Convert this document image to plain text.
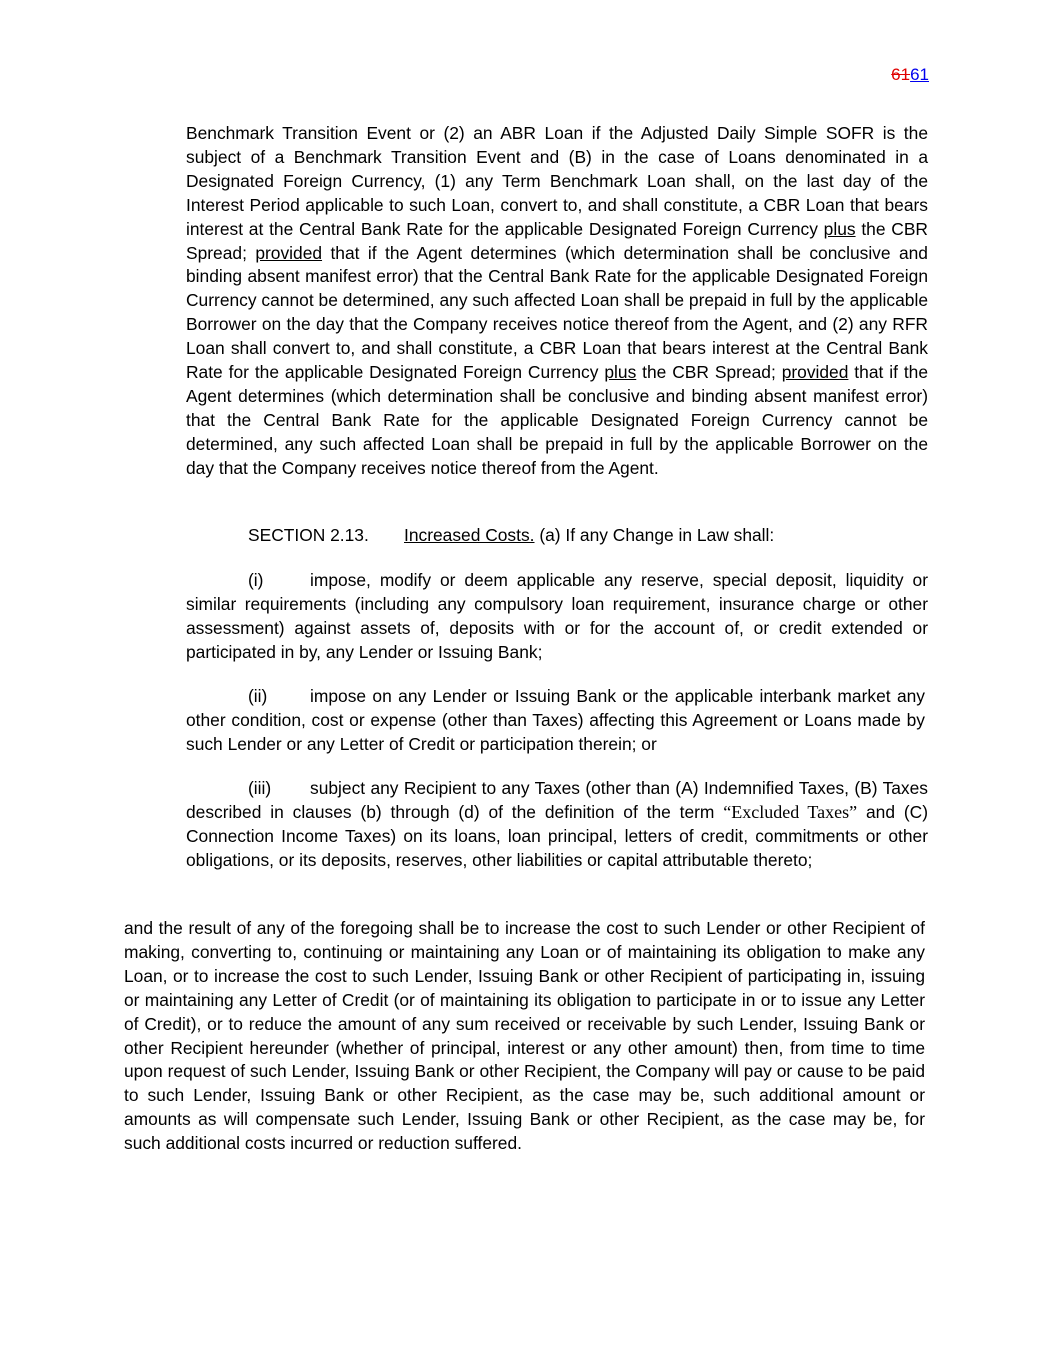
6161

Benchmark Transition Event or (2) an ABR Loan if the Adjusted Daily Simple SOFR is the subject of a Benchmark Transition Event and (B) in the case of Loans denominated in a Designated Foreign Currency, (1) any Term Benchmark Loan shall, on the last day of the Interest Period applicable to such Loan, convert to, and shall constitute, a CBR Loan that bears interest at the Central Bank Rate for the applicable Designated Foreign Currency plus the CBR Spread; provided that if the Agent determines (which determination shall be conclusive and binding absent manifest error) that the Central Bank Rate for the applicable Designated Foreign Currency cannot be determined, any such affected Loan shall be prepaid in full by the applicable Borrower on the day that the Company receives notice thereof from the Agent, and (2) any RFR Loan shall convert to, and shall constitute, a CBR Loan that bears interest at the Central Bank Rate for the applicable Designated Foreign Currency plus the CBR Spread; provided that if the Agent determines (which determination shall be conclusive and binding absent manifest error) that the Central Bank Rate for the applicable Designated Foreign Currency cannot be determined, any such affected Loan shall be prepaid in full by the applicable Borrower on the day that the Company receives notice thereof from the Agent.

SECTION 2.13. Increased Costs. (a) If any Change in Law shall:

(i)	impose, modify or deem applicable any reserve, special deposit, liquidity or similar requirements (including any compulsory loan requirement, insurance charge or other assessment) against assets of, deposits with or for the account of, or credit extended or participated in by, any Lender or Issuing Bank;

(ii) impose on any Lender or Issuing Bank or the applicable interbank market any other condition, cost or expense (other than Taxes) affecting this Agreement or Loans made by such Lender or any Letter of Credit or participation therein; or

(iii) subject any Recipient to any Taxes (other than (A) Indemnified Taxes, (B) Taxes described in clauses (b) through (d) of the definition of the term “Excluded Taxes” and (C) Connection Income Taxes) on its loans, loan principal, letters of credit, commitments or other obligations, or its deposits, reserves, other liabilities or capital attributable thereto;

and the result of any of the foregoing shall be to increase the cost to such Lender or other Recipient of making, converting to, continuing or maintaining any Loan or of maintaining its obligation to make any Loan, or to increase the cost to such Lender, Issuing Bank or other Recipient of participating in, issuing or maintaining any Letter of Credit (or of maintaining its obligation to participate in or to issue any Letter of Credit), or to reduce the amount of any sum received or receivable by such Lender, Issuing Bank or other Recipient hereunder (whether of principal, interest or any other amount) then, from time to time upon request of such Lender, Issuing Bank or other Recipient, the Company will pay or cause to be paid to such Lender, Issuing Bank or other Recipient, as the case may be, such additional amount or amounts as will compensate such Lender, Issuing Bank or other Recipient, as the case may be, for such additional costs incurred or reduction suffered.
